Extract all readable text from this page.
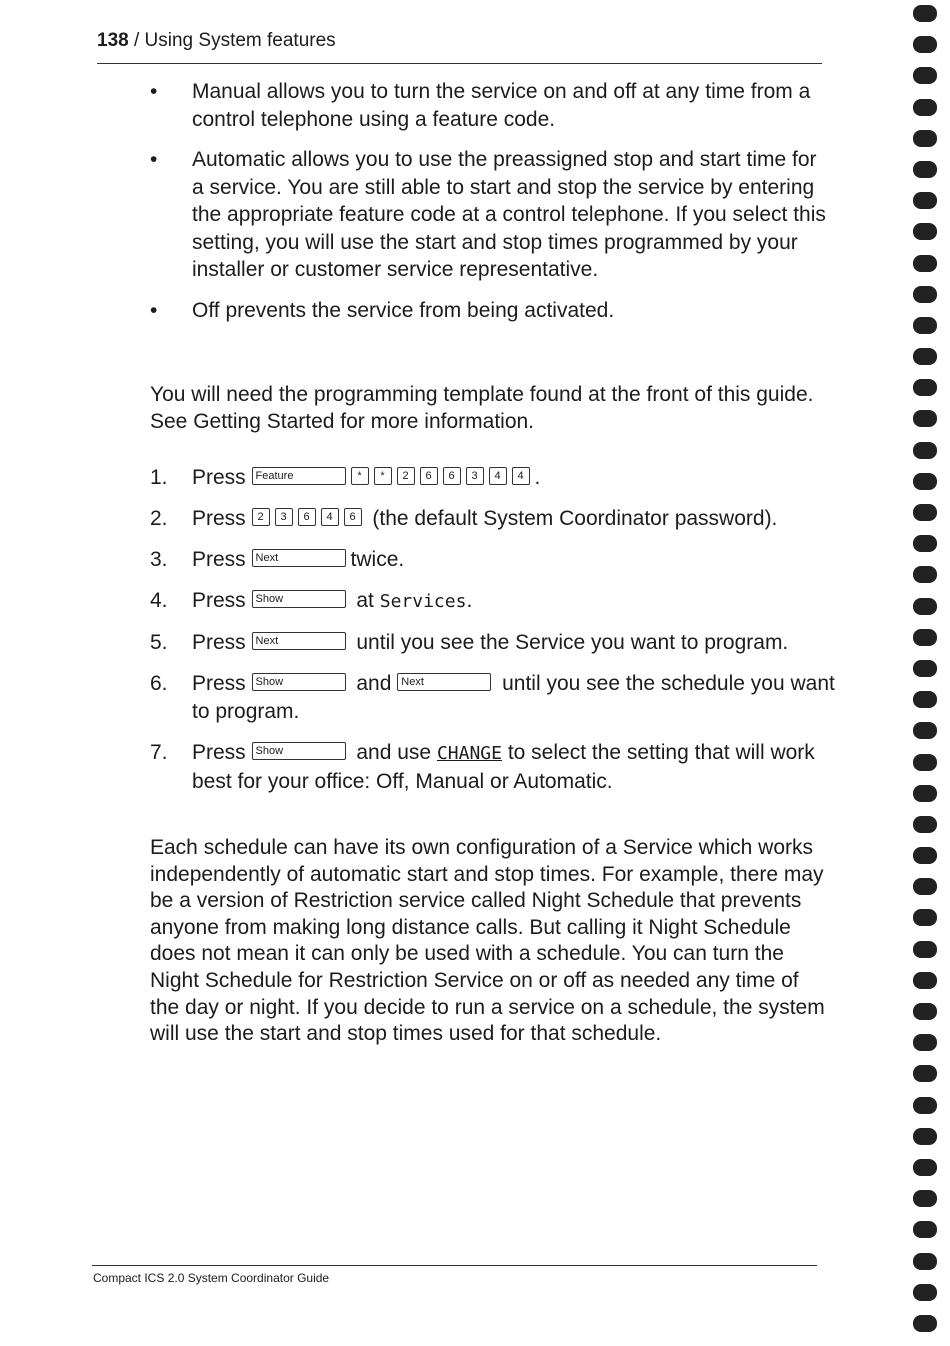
138 / Using System features
• Manual allows you to turn the service on and off at any time from a control telephone using a feature code.
• Automatic allows you to use the preassigned stop and start time for a service. You are still able to start and stop the service by entering the appropriate feature code at a control telephone. If you select this setting, you will use the start and stop times programmed by your installer or customer service representative.
• Off prevents the service from being activated.
You will need the programming template found at the front of this guide. See Getting Started for more information.
1. Press Feature	* * 2 6 6 3 4 4 .
2. Press 2 3 6 4 6 (the default System Coordinator password).
3. Press Next	twice.
4. Press Show	at Services.
5. Press Next	until you see the Service you want to program.
6. Press Show	and Next	until you see the schedule you want to program.
7. Press Show	and use CHANGE to select the setting that will work best for your office: Off, Manual or Automatic.
Each schedule can have its own configuration of a Service which works independently of automatic start and stop times. For example, there may be a version of Restriction service called Night Schedule that prevents anyone from making long distance calls. But calling it Night Schedule does not mean it can only be used with a schedule. You can turn the Night Schedule for Restriction Service on or off as needed any time of the day or night. If you decide to run a service on a schedule, the system will use the start and stop times used for that schedule.
Compact ICS 2.0 System Coordinator Guide
